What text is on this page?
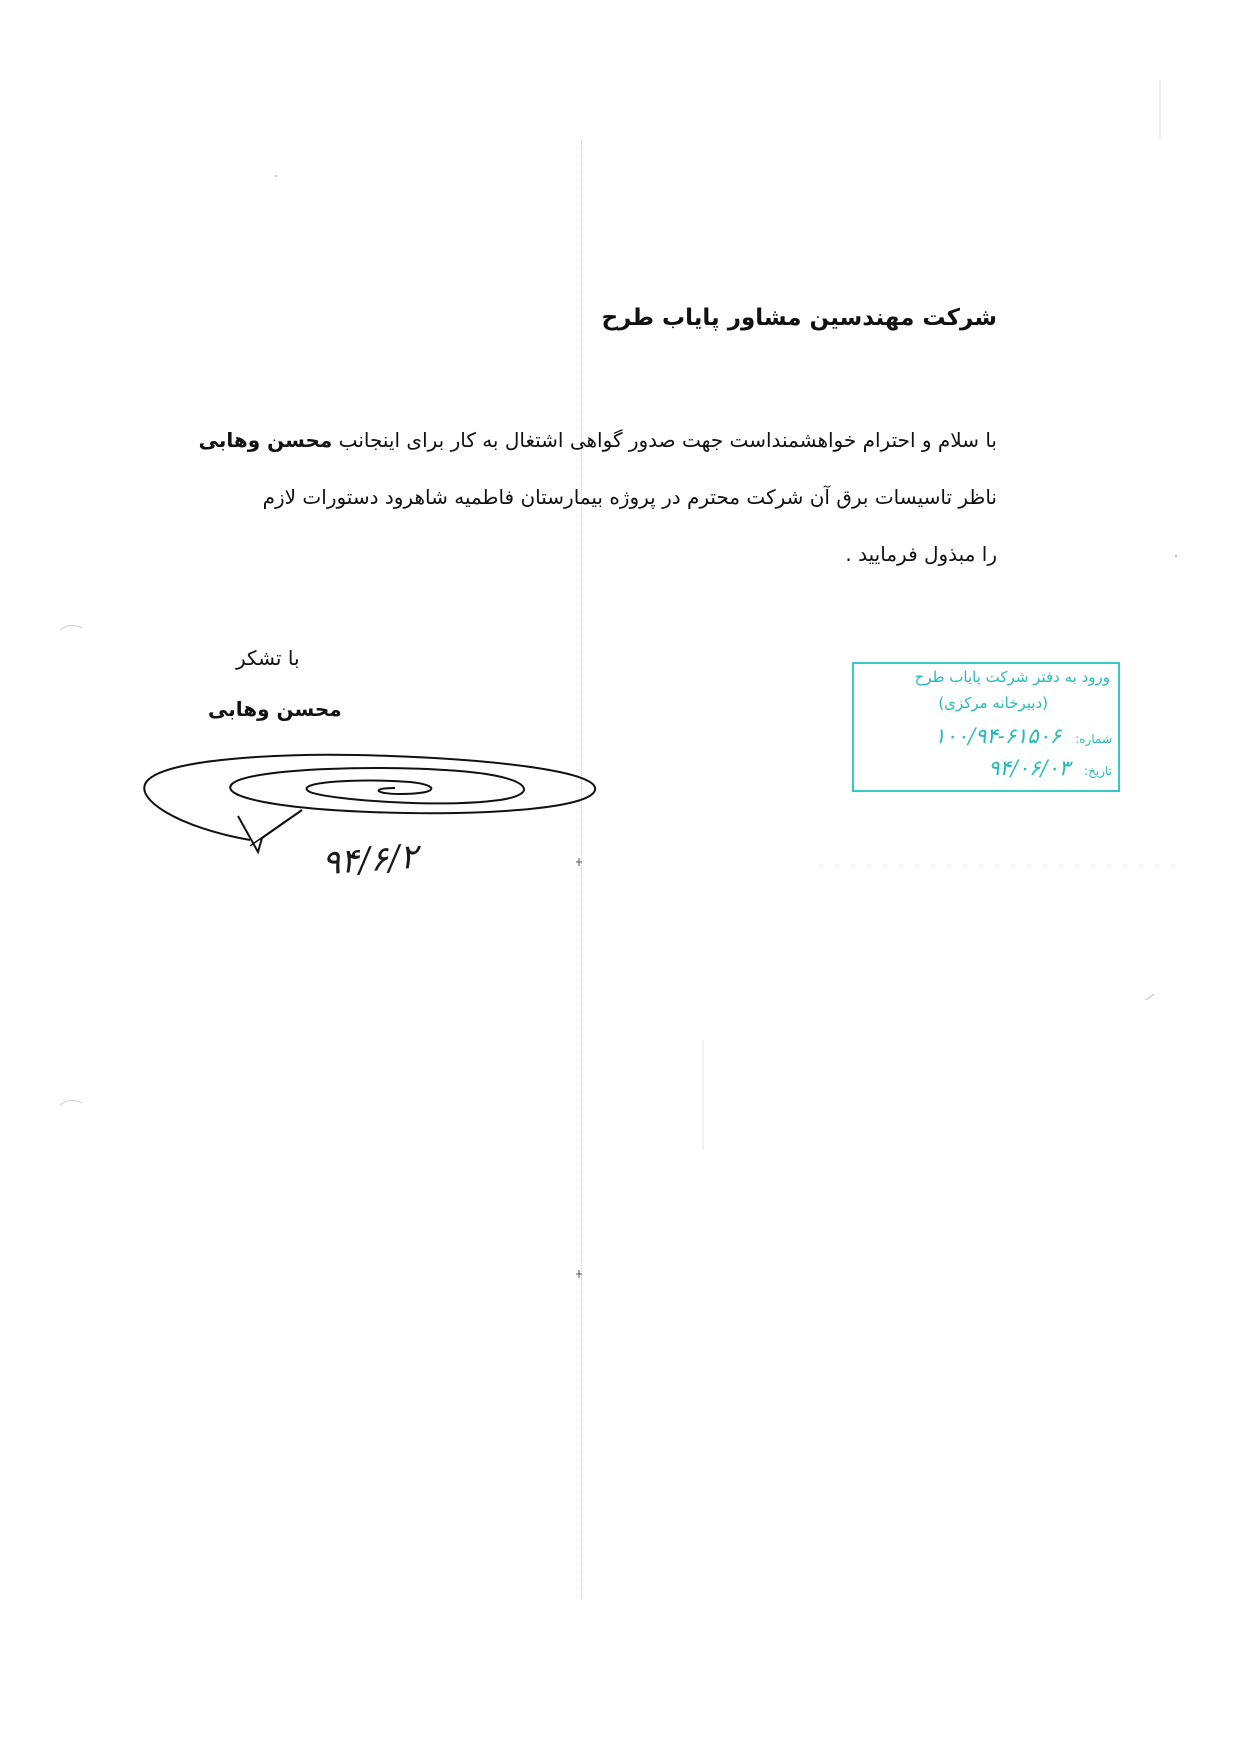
شرکت مهندسین مشاور پایاب طرح
با سلام و احترام خواهشمنداست جهت صدور گواهی اشتغال به کار برای اینجانب محسن وهابی
ناظر تاسیسات برق آن شرکت محترم در پروژه بیمارستان فاطمیه شاهرود دستورات لازم
را مبذول فرمایید .
با تشکر
محسن وهابی
۹۴/۶/۲
ورود به دفتر شرکت پایاب طرح
(دبیرخانه مرکزی)
شماره:
۱۰۰/۹۴-۶۱۵۰۶
تاریخ:
۹۴/۰۶/۰۳
